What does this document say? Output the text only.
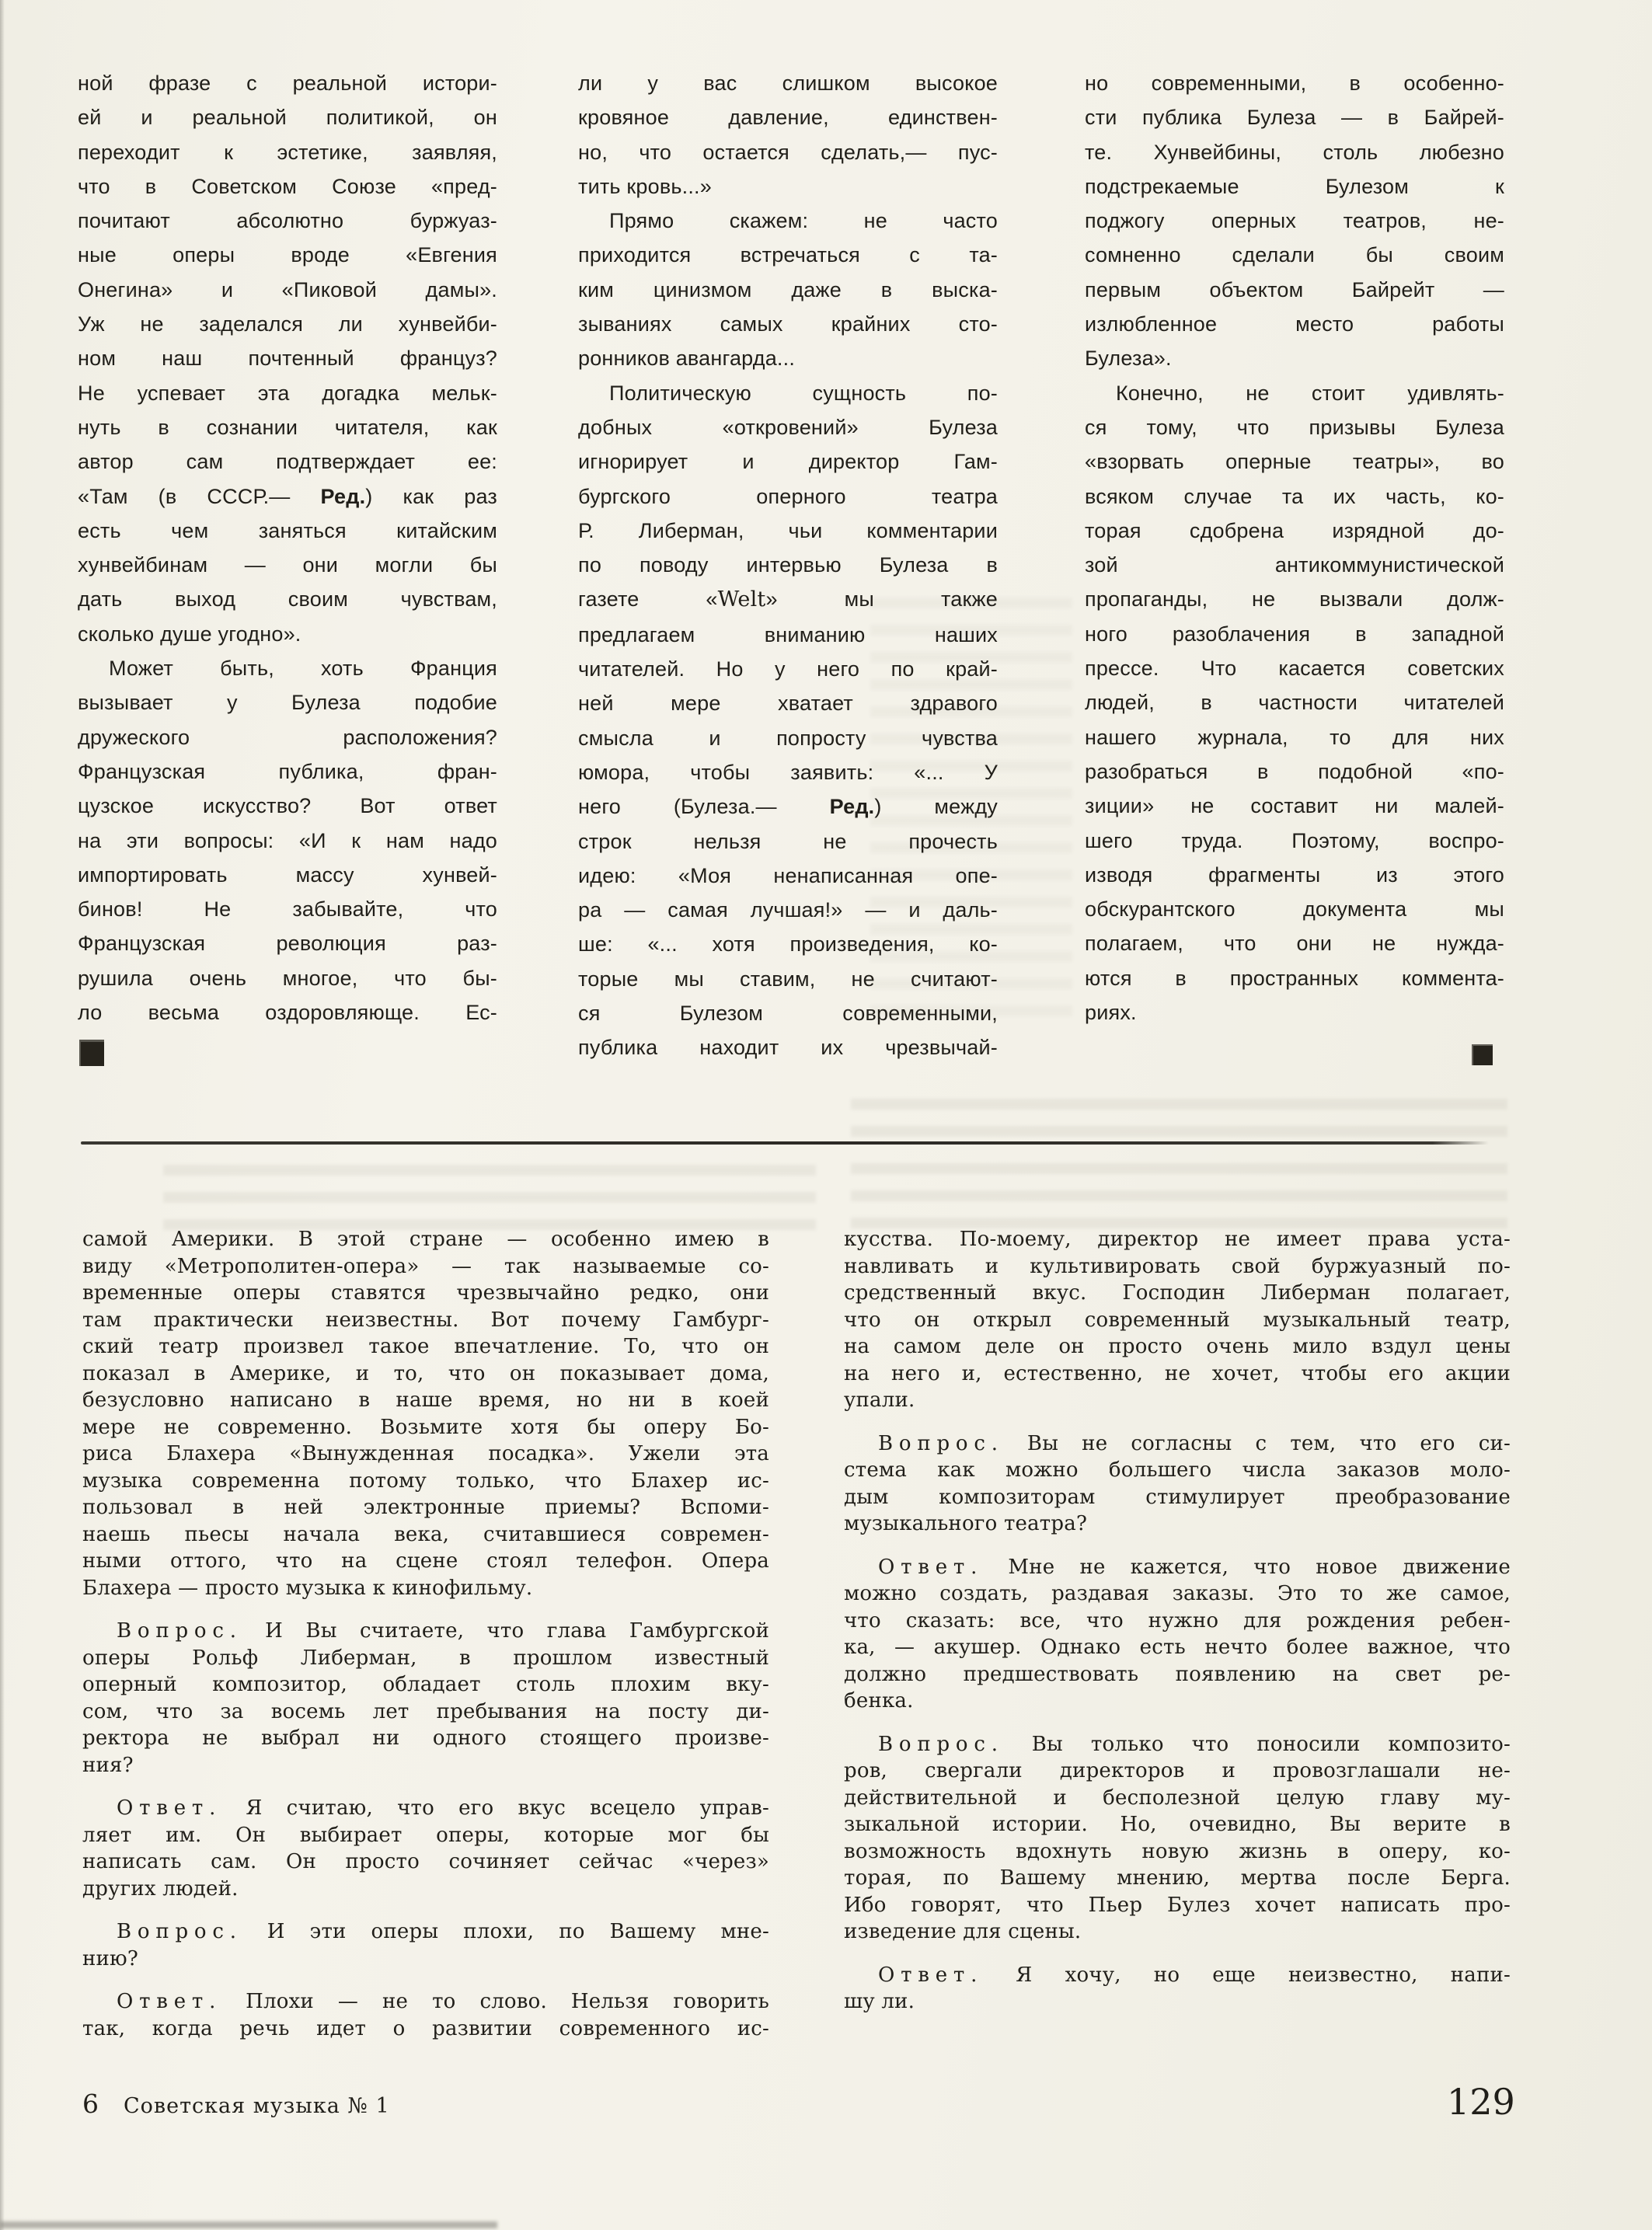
ной фразе с реальной истори-
ей и реальной политикой, он
переходит к эстетике, заявляя,
что в Советском Союзе «пред-
почитают абсолютно буржуаз-
ные оперы вроде «Евгения
Онегина» и «Пиковой дамы».
Уж не заделался ли хунвейби-
ном наш почтенный француз?
Не успевает эта догадка мельк-
нуть в сознании читателя, как
автор сам подтверждает ее:
«Там (в СССР.— Ред.) как раз
есть чем заняться китайским
хунвейбинам — они могли бы
дать выход своим чувствам,
сколько душе угодно».
Может быть, хоть Франция
вызывает у Булеза подобие
дружеского расположения?
Французская публика, фран-
цузское искусство? Вот ответ
на эти вопросы: «И к нам надо
импортировать массу хунвей-
бинов! Не забывайте, что
Французская революция раз-
рушила очень многое, что бы-
ло весьма оздоровляюще. Ес-
ли у вас слишком высокое
кровяное давление, единствен-
но, что остается сделать,— пус-
тить кровь...»
Прямо скажем: не часто
приходится встречаться с та-
ким цинизмом даже в выска-
зываниях самых крайних сто-
ронников авангарда...
Политическую сущность по-
добных «откровений» Булеза
игнорирует и директор Гам-
бургского оперного театра
Р. Либерман, чьи комментарии
по поводу интервью Булеза в
газете «Welt» мы также
предлагаем вниманию наших
читателей. Но у него по край-
ней мере хватает здравого
смысла и попросту чувства
юмора, чтобы заявить: «... У
него (Булеза.— Ред.) между
строк нельзя не прочесть
идею: «Моя ненаписанная опе-
ра — самая лучшая!» — и даль-
ше: «... хотя произведения, ко-
торые мы ставим, не считают-
ся Булезом современными,
публика находит их чрезвычай-
но современными, в особенно-
сти публика Булеза — в Байрей-
те. Хунвейбины, столь любезно
подстрекаемые Булезом к
поджогу оперных театров, не-
сомненно сделали бы своим
первым объектом Байрейт —
излюбленное место работы
Булеза».
Конечно, не стоит удивлять-
ся тому, что призывы Булеза
«взорвать оперные театры», во
всяком случае та их часть, ко-
торая сдобрена изрядной до-
зой антикоммунистической
пропаганды, не вызвали долж-
ного разоблачения в западной
прессе. Что касается советских
людей, в частности читателей
нашего журнала, то для них
разобраться в подобной «по-
зиции» не составит ни малей-
шего труда. Поэтому, воспро-
изводя фрагменты из этого
обскурантского документа мы
полагаем, что они не нужда-
ются в пространных коммента-
риях.
самой Америки. В этой стране — особенно имею в
виду «Метрополитен-опера» — так называемые со-
временные оперы ставятся чрезвычайно редко, они
там практически неизвестны. Вот почему Гамбург-
ский театр произвел такое впечатление. То, что он
показал в Америке, и то, что он показывает дома,
безусловно написано в наше время, но ни в коей
мере не современно. Возьмите хотя бы оперу Бо-
риса Блахера «Вынужденная посадка». Ужели эта
музыка современна потому только, что Блахер ис-
пользовал в ней электронные приемы? Вспоми-
наешь пьесы начала века, считавшиеся современ-
ными оттого, что на сцене стоял телефон. Опера
Блахера — просто музыка к кинофильму.
Вопрос. И Вы считаете, что глава Гамбургской
оперы Рольф Либерман, в прошлом известный
оперный композитор, обладает столь плохим вку-
сом, что за восемь лет пребывания на посту ди-
ректора не выбрал ни одного стоящего произве-
ния?
Ответ. Я считаю, что его вкус всецело управ-
ляет им. Он выбирает оперы, которые мог бы
написать сам. Он просто сочиняет сейчас «через»
других людей.
Вопрос. И эти оперы плохи, по Вашему мне-
нию?
Ответ. Плохи — не то слово. Нельзя говорить
так, когда речь идет о развитии современного ис-
кусства. По-моему, директор не имеет права уста-
навливать и культивировать свой буржуазный по-
средственный вкус. Господин Либерман полагает,
что он открыл современный музыкальный театр,
на самом деле он просто очень мило вздул цены
на него и, естественно, не хочет, чтобы его акции
упали.
Вопрос. Вы не согласны с тем, что его си-
стема как можно большего числа заказов моло-
дым композиторам стимулирует преобразование
музыкального театра?
Ответ. Мне не кажется, что новое движение
можно создать, раздавая заказы. Это то же самое,
что сказать: все, что нужно для рождения ребен-
ка, — акушер. Однако есть нечто более важное, что
должно предшествовать появлению на свет ре-
бенка.
Вопрос. Вы только что поносили композито-
ров, свергали директоров и провозглашали не-
действительной и бесполезной целую главу му-
зыкальной истории. Но, очевидно, Вы верите в
возможность вдохнуть новую жизнь в оперу, ко-
торая, по Вашему мнению, мертва после Берга.
Ибо говорят, что Пьер Булез хочет написать про-
изведение для сцены.
Ответ. Я хочу, но еще неизвестно, напи-
шу ли.
6 Советская музыка № 1	129
